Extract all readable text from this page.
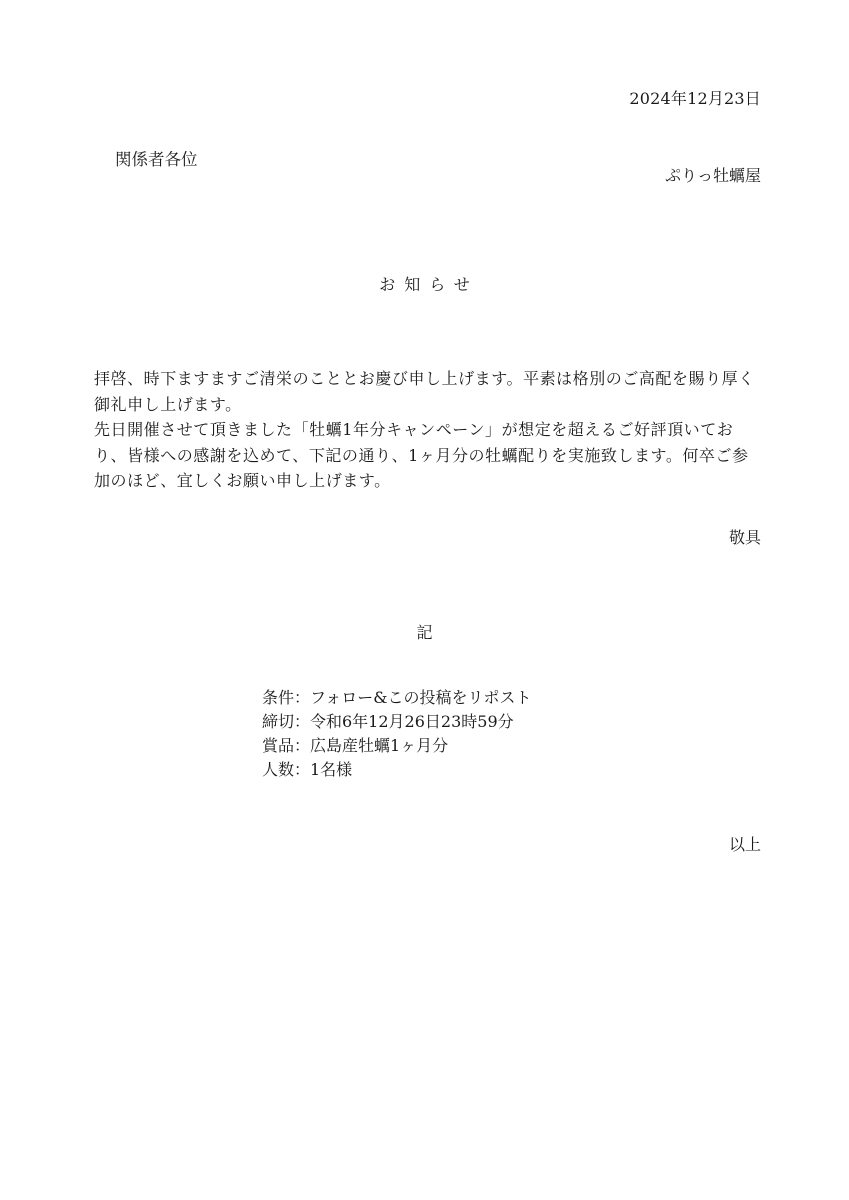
2024年12月23日
関係者各位
ぷりっ牡蠣屋
お知らせ

拝啓、時下ますますご清栄のこととお慶び申し上げます。平素は格別のご高配を賜り厚く御礼申し上げます。

先日開催させて頂きました「牡蠣1年分キャンペーン」が想定を超えるご好評頂いており、皆様への感謝を込めて、下記の通り、1ヶ月分の牡蠣配りを実施致します。何卒ご参加のほど、宜しくお願い申し上げます。

敬具
記
条件：フォロー&この投稿をリポスト
締切：令和6年12月26日23時59分
賞品：広島産牡蠣1ヶ月分
人数：1名様
以上
